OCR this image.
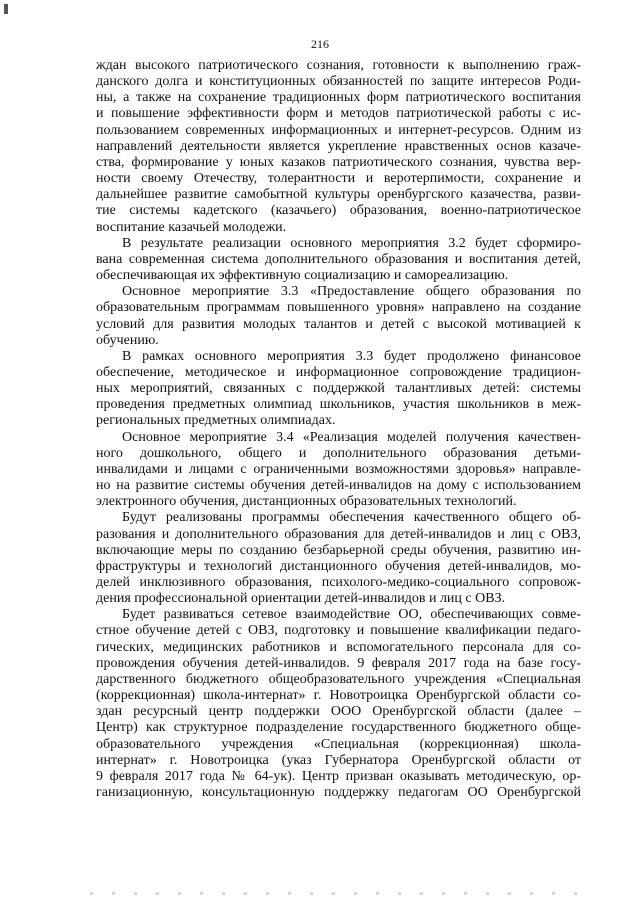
216
ждан высокого патриотического сознания, готовности к выполнению граж-
данского долга и конституционных обязанностей по защите интересов Роди-
ны, а также на сохранение традиционных форм патриотического воспитания
и повышение эффективности форм и методов патриотической работы с ис-
пользованием современных информационных и интернет-ресурсов. Одним из
направлений деятельности является укрепление нравственных основ казаче-
ства, формирование у юных казаков патриотического сознания, чувства вер-
ности своему Отечеству, толерантности и веротерпимости, сохранение и
дальнейшее развитие самобытной культуры оренбургского казачества, разви-
тие системы кадетского (казачьего) образования, военно-патриотическое
воспитание казачьей молодежи.
В результате реализации основного мероприятия 3.2 будет сформиро-
вана современная система дополнительного образования и воспитания детей,
обеспечивающая их эффективную социализацию и самореализацию.
Основное мероприятие 3.3 «Предоставление общего образования по
образовательным программам повышенного уровня» направлено на создание
условий для развития молодых талантов и детей с высокой мотивацией к
обучению.
В рамках основного мероприятия 3.3 будет продолжено финансовое
обеспечение, методическое и информационное сопровождение традицион-
ных мероприятий, связанных с поддержкой талантливых детей: системы
проведения предметных олимпиад школьников, участия школьников в меж-
региональных предметных олимпиадах.
Основное мероприятие 3.4 «Реализация моделей получения качествен-
ного дошкольного, общего и дополнительного образования детьми-
инвалидами и лицами с ограниченными возможностями здоровья» направле-
но на развитие системы обучения детей-инвалидов на дому с использованием
электронного обучения, дистанционных образовательных технологий.
Будут реализованы программы обеспечения качественного общего об-
разования и дополнительного образования для детей-инвалидов и лиц с ОВЗ,
включающие меры по созданию безбарьерной среды обучения, развитию ин-
фраструктуры и технологий дистанционного обучения детей-инвалидов, мо-
делей инклюзивного образования, психолого-медико-социального сопровож-
дения профессиональной ориентации детей-инвалидов и лиц с ОВЗ.
Будет развиваться сетевое взаимодействие ОО, обеспечивающих совме-
стное обучение детей с ОВЗ, подготовку и повышение квалификации педаго-
гических, медицинских работников и вспомогательного персонала для со-
провождения обучения детей-инвалидов. 9 февраля 2017 года на базе госу-
дарственного бюджетного общеобразовательного учреждения «Специальная
(коррекционная) школа-интернат» г. Новотроицка Оренбургской области со-
здан ресурсный центр поддержки ООО Оренбургской области (далее –
Центр) как структурное подразделение государственного бюджетного обще-
образовательного учреждения «Специальная (коррекционная) школа-
интернат» г. Новотроицка (указ Губернатора Оренбургской области от
9 февраля 2017 года № 64-ук). Центр призван оказывать методическую, ор-
ганизационную, консультационную поддержку педагогам ОО Оренбургской
